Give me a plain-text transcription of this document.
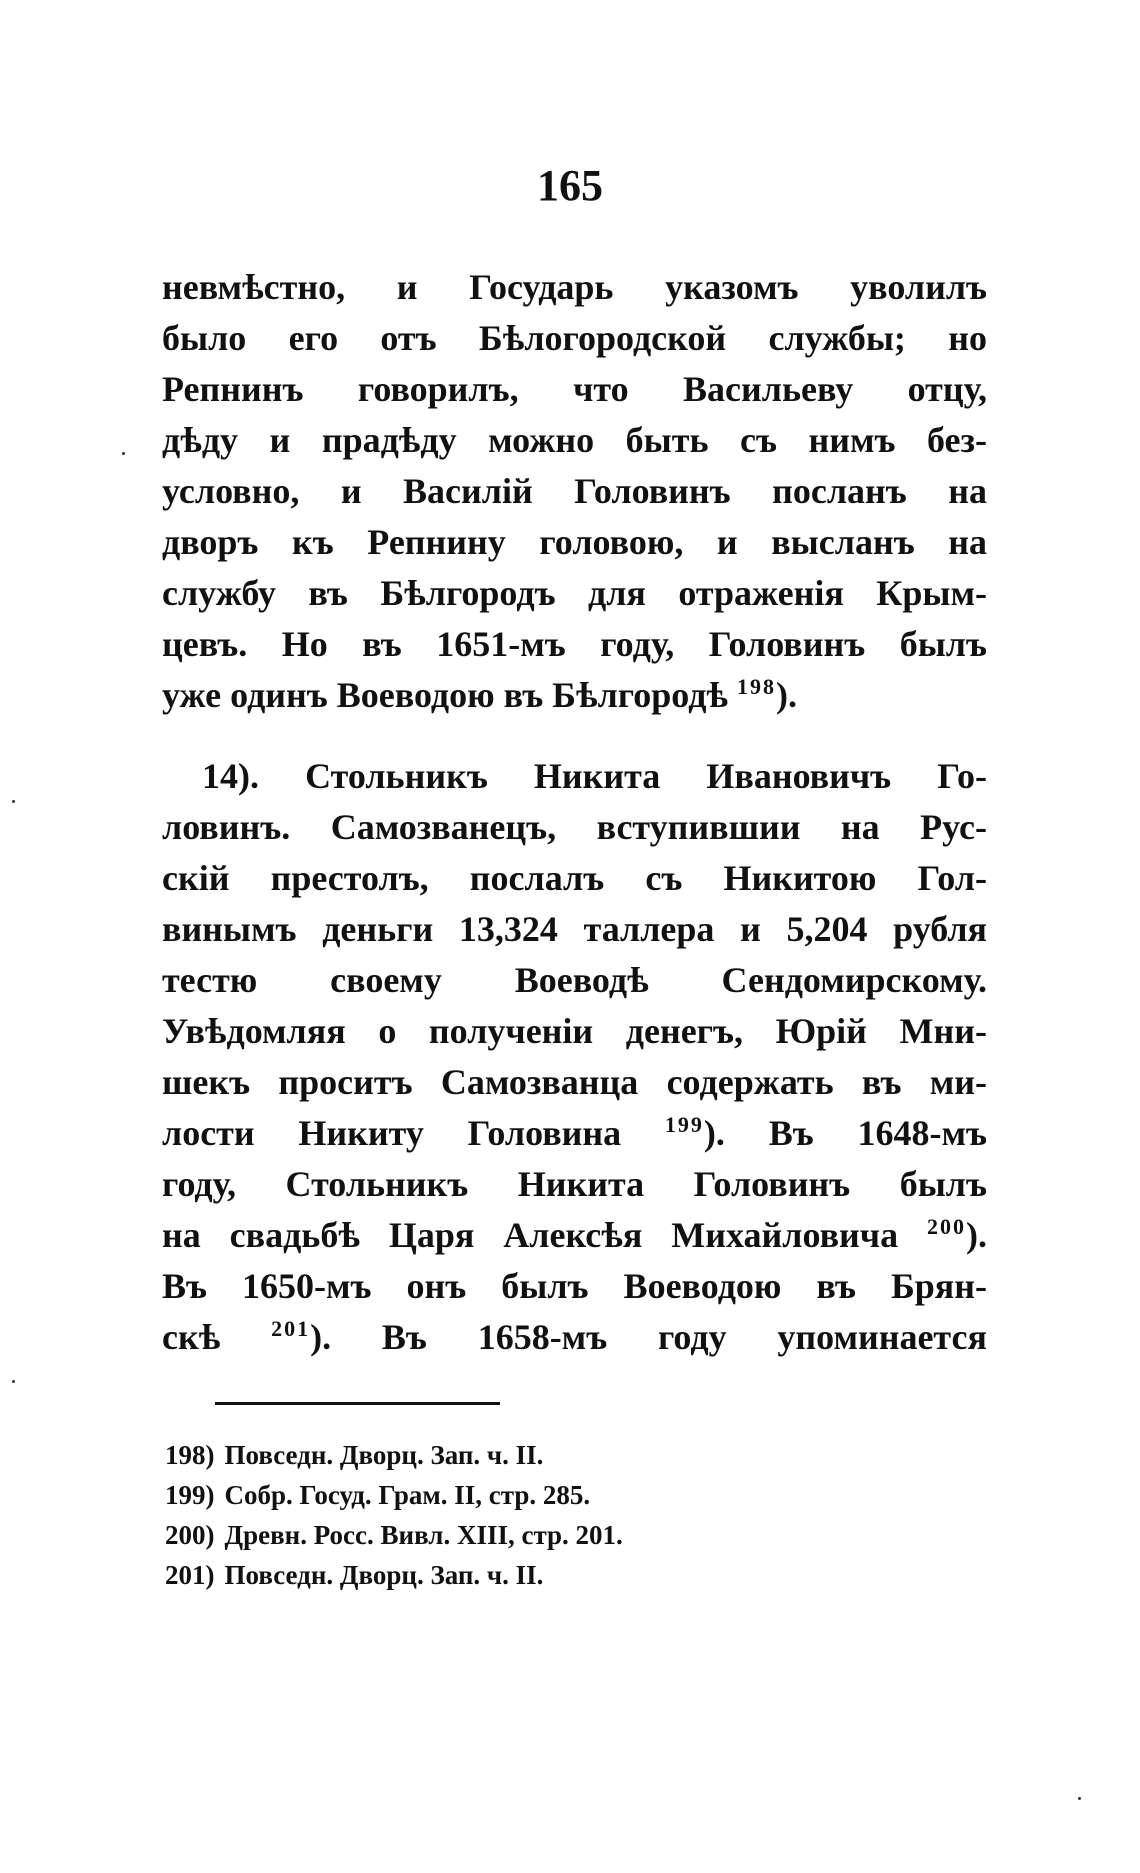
165
невмѣстно, и Государь указомъ уволилъ
было его отъ Бѣлогородской службы; но
Репнинъ говорилъ, что Васильеву отцу,
дѣду и прадѣду можно быть съ нимъ без-
условно, и Василій Головинъ посланъ на
дворъ къ Репнину головою, и высланъ на
службу въ Бѣлгородъ для отраженія Крым-
цевъ. Но въ 1651-мъ году, Головинъ былъ
уже одинъ Воеводою въ Бѣлгородѣ $^{198}$).
14). Стольникъ Никита Ивановичъ Го-
ловинъ. Самозванецъ, вступившии на Рус-
скій престолъ, послалъ съ Никитою Гол-
винымъ деньги 13,324 таллера и 5,204 рубля
тестю своему Воеводѣ Сендомирскому.
Увѣдомляя о полученіи денегъ, Юрій Мни-
шекъ проситъ Самозванца содержать въ ми-
лости Никиту Головина $^{199}$). Въ 1648-мъ
году, Стольникъ Никита Головинъ былъ
на свадьбѣ Царя Алексѣя Михайловича $^{200}$).
Въ 1650-мъ онъ былъ Воеводою въ Брян-
скѣ $^{201}$). Въ 1658-мъ году упоминается
198) Повседн. Дворц. Зап. ч. II.
199) Собр. Госуд. Грам. II, стр. 285.
200) Древн. Росс. Вивл. XIII, стр. 201.
201) Повседн. Дворц. Зап. ч. II.
